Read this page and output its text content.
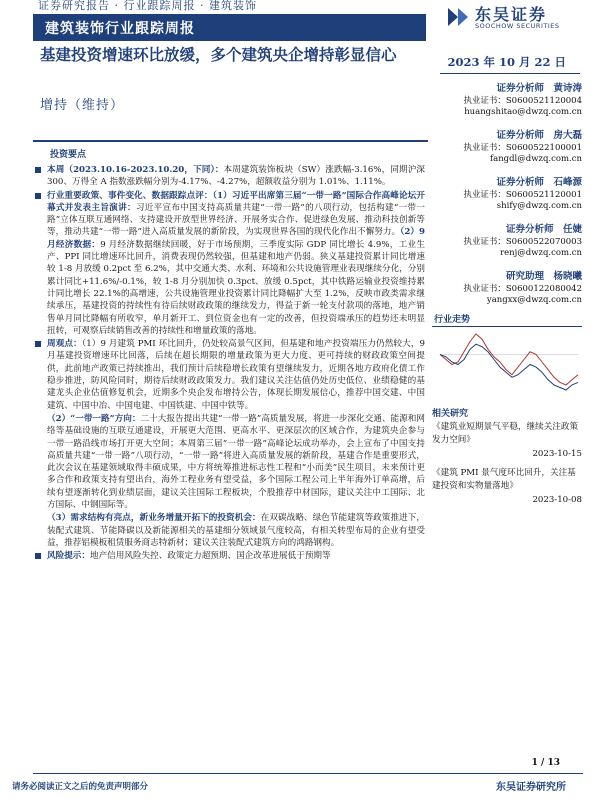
证券研究报告 · 行业跟踪周报 · 建筑装饰
建筑装饰行业跟踪周报
东吴证券
SOOCHOW SECURITIES
基建投资增速环比放缓，多个建筑央企增持彰显信心
增持（维持）
2023 年 10 月 22 日
证券分析师　黄诗涛
执业证书：S0600521120004
huangshitao@dwzq.com.cn
证券分析师　房大磊
执业证书：S0600522100001
fangdl@dwzq.com.cn
证券分析师　石峰源
执业证书：S0600521120001
shify@dwzq.com.cn
证券分析师　任婕
执业证书：S0600522070003
renj@dwzq.com.cn
研究助理　杨晓曦
执业证书：S0600122080042
yangxx@dwzq.com.cn
行业走势
相关研究
《建筑业短期景气平稳，继续关注政策发力空间》
2023-10-15
《建筑 PMI 景气度环比回升，关注基建投资和实物量落地》
2023-10-08
投资要点
本周（2023.10.16-2023.10.20，下同）：本周建筑装饰板块（SW）涨跌幅-3.16%，同期沪深 300、万得全 A 指数涨跌幅分别为-4.17%、-4.27%，超额收益分别为 1.01%、1.11%。
行业重要政策、事件变化、数据跟踪点评：（1）习近平出席第三届“一带一路”国际合作高峰论坛开幕式并发表主旨演讲：习近平宣布中国支持高质量共建“一带一路”的八项行动，包括构建“一带一路”立体互联互通网络、支持建设开放型世界经济、开展务实合作、促进绿色发展、推动科技创新等等，推动共建“一带一路”进入高质量发展的新阶段，为实现世界各国的现代化作出不懈努力。（2）9 月经济数据：9 月经济数据继续回暖，好于市场预期，三季度实际 GDP 同比增长 4.9%，工业生产、PPI 同比增速环比回升，消费表现仍然较强，但基建和地产仍弱。狭义基建投资累计同比增速较 1-8 月放缓 0.2pct 至 6.2%，其中交通大类、水利、环境和公共设施管理业表现继续分化，分别累计同比+11.6%/-0.1%，较 1-8 月分别加快 0.3pct、放缓 0.5pct，其中铁路运输业投资维持累计同比增长 22.1%的高增速，公共设施管理业投资累计同比降幅扩大至 1.2%，反映市政类需求继续承压，基建投资的持续性有待后续财政政策的继续发力，得益于新一轮支付款项的落地，地产销售单月同比降幅有所收窄，单月新开工、到位资金也有一定的改善，但投资端承压的趋势还未明显扭转，可观察后续销售改善的持续性和增量政策的落地。
周观点：（1）9 月建筑 PMI 环比回升，仍处较高景气区间，但基建和地产投资端压力仍然较大，9 月基建投资增速环比回落，后续在超长期限的增量政策为更大力度、更可持续的财政政策空间提供，此前地产政策已持续推出，我们预计后续稳增长政策有望继续发力，近期各地方政府化债工作稳步推进，防风险同时，期待后续财政政策发力。我们建议关注估值仍处历史低位、业绩稳健的基建龙头企业估值修复机会，近期多个央企发布增持公告，体现长期发展信心，推荐中国交建、中国建筑、中国中冶、中国电建、中国铁建、中国中铁等。
（2）“一带一路”方向：二十大报告提出共建“一带一路”高质量发展，将进一步深化交通、能源和网络等基础设施的互联互通建设，开展更大范围、更高水平、更深层次的区域合作，为建筑央企参与一带一路沿线市场打开更大空间；本周第三届“一带一路”高峰论坛成功举办，会上宣布了中国支持高质量共建“一带一路”八项行动，“一带一路”将进入高质量发展的新阶段，基建合作是重要形式，此次会议在基建领域取得丰硕成果，中方将统筹推进标志性工程和“小而美”民生项目，未来预计更多合作和政策支持有望出台，海外工程业务有望受益，多个国际工程公司上半年海外订单高增，后续有望逐渐转化到业绩层面，建议关注国际工程板块，个股推荐中材国际，建议关注中工国际、北方国际、中钢国际等。
（3）需求结构有亮点，新业务增量开拓下的投资机会：在双碳战略、绿色节能建筑等政策推进下，装配式建筑、节能降碳以及新能源相关的基建细分领域景气度较高，有相关转型布局的企业有望受益，推荐铝模板租赁服务商志特新材；建议关注装配式建筑方向的鸿路钢构。
风险提示：地产信用风险失控、政策定力超预期、国企改革进展低于预期等
1 / 13
请务必阅读正文之后的免责声明部分	东吴证券研究所
